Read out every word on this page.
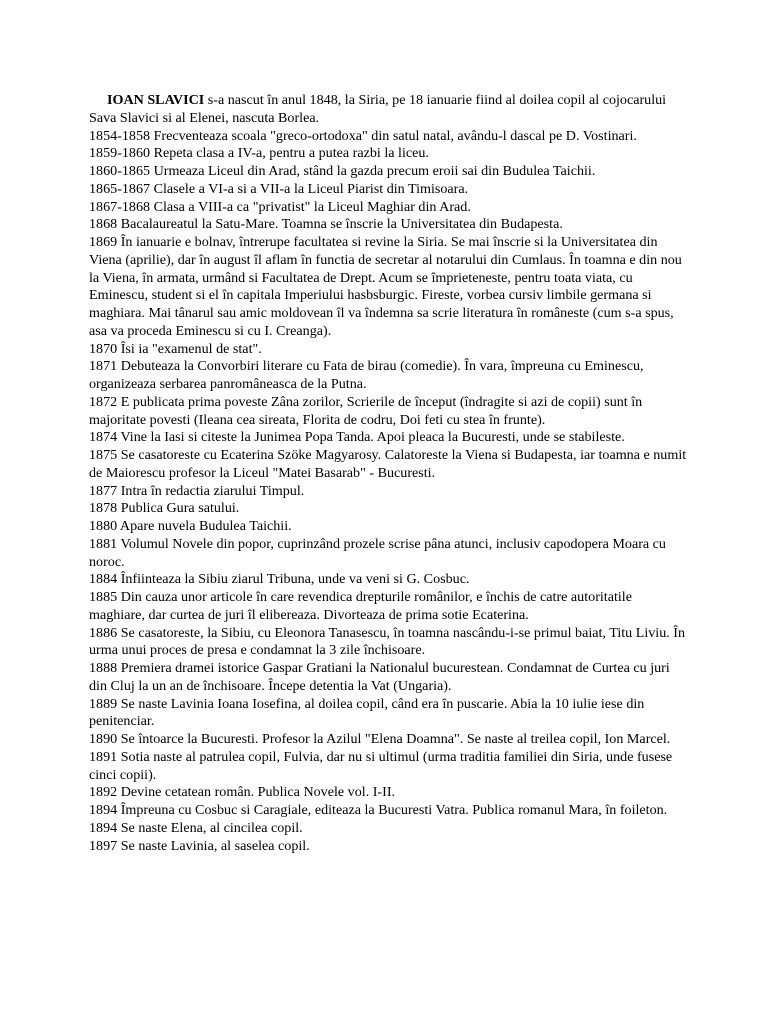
IOAN SLAVICI s-a nascut în anul 1848, la Siria, pe 18 ianuarie fiind al doilea copil al cojocarului Sava Slavici si al Elenei, nascuta Borlea.

1854-1858 Frecventeaza scoala "greco-ortodoxa" din satul natal, avându-l dascal pe D. Vostinari.

1859-1860 Repeta clasa a IV-a, pentru a putea razbi la liceu.

1860-1865 Urmeaza Liceul din Arad, stând la gazda precum eroii sai din Budulea Taichii.

1865-1867 Clasele a VI-a si a VII-a la Liceul Piarist din Timisoara.

1867-1868 Clasa a VIII-a ca "privatist" la Liceul Maghiar din Arad.

1868 Bacalaureatul la Satu-Mare. Toamna se înscrie la Universitatea din Budapesta.

1869 În ianuarie e bolnav, întrerupe facultatea si revine la Siria. Se mai înscrie si la Universitatea din Viena (aprilie), dar în august îl aflam în functia de secretar al notarului din Cumlaus. În toamna e din nou la Viena, în armata, urmând si Facultatea de Drept. Acum se împrieteneste, pentru toata viata, cu Eminescu, student si el în capitala Imperiului hasbsburgic. Fireste, vorbea cursiv limbile germana si maghiara. Mai tânarul sau amic moldovean îl va îndemna sa scrie literatura în româneste (cum s-a spus, asa va proceda Eminescu si cu I. Creanga).

1870 Îsi ia "examenul de stat".

1871 Debuteaza la Convorbiri literare cu Fata de birau (comedie). În vara, împreuna cu Eminescu, organizeaza serbarea panromâneasca de la Putna.

1872 E publicata prima poveste Zâna zorilor, Scrierile de început (îndragite si azi de copii) sunt în majoritate povesti (Ileana cea sireata, Florita de codru, Doi feti cu stea în frunte).

1874 Vine la Iasi si citeste la Junimea Popa Tanda. Apoi pleaca la Bucuresti, unde se stabileste.

1875 Se casatoreste cu Ecaterina Szöke Magyarosy. Calatoreste la Viena si Budapesta, iar toamna e numit de Maiorescu profesor la Liceul "Matei Basarab" - Bucuresti.

1877 Intra în redactia ziarului Timpul.

1878 Publica Gura satului.

1880 Apare nuvela Budulea Taichii.

1881 Volumul Novele din popor, cuprinzând prozele scrise pâna atunci, inclusiv capodopera Moara cu noroc.

1884 Înfiinteaza la Sibiu ziarul Tribuna, unde va veni si G. Cosbuc.

1885 Din cauza unor articole în care revendica drepturile românilor, e închis de catre autoritatile maghiare, dar curtea de juri îl elibereaza. Divorteaza de prima sotie Ecaterina.

1886 Se casatoreste, la Sibiu, cu Eleonora Tanasescu, în toamna nascându-i-se primul baiat, Titu Liviu. În urma unui proces de presa e condamnat la 3 zile închisoare.

1888 Premiera dramei istorice Gaspar Gratiani la Nationalul bucurestean. Condamnat de Curtea cu juri din Cluj la un an de închisoare. Începe detentia la Vat (Ungaria).

1889 Se naste Lavinia Ioana Iosefina, al doilea copil, când era în puscarie. Abia la 10 iulie iese din penitenciar.

1890 Se întoarce la Bucuresti. Profesor la Azilul "Elena Doamna". Se naste al treilea copil, Ion Marcel.

1891 Sotia naste al patrulea copil, Fulvia, dar nu si ultimul (urma traditia familiei din Siria, unde fusese cinci copii).

1892 Devine cetatean român. Publica Novele vol. I-II.

1894 Împreuna cu Cosbuc si Caragiale, editeaza la Bucuresti Vatra. Publica romanul Mara, în foileton.

1894 Se naste Elena, al cincilea copil.

1897 Se naste Lavinia, al saselea copil.
